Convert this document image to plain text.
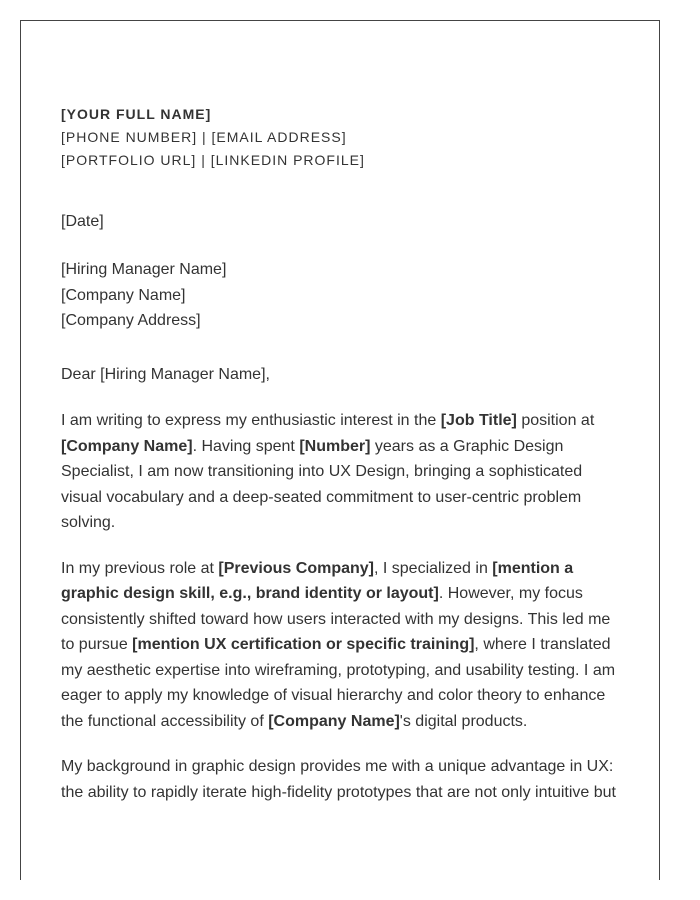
[YOUR FULL NAME]
[PHONE NUMBER] | [EMAIL ADDRESS]
[PORTFOLIO URL] | [LINKEDIN PROFILE]
[Date]
[Hiring Manager Name]
[Company Name]
[Company Address]
Dear [Hiring Manager Name],

I am writing to express my enthusiastic interest in the [Job Title] position at [Company Name]. Having spent [Number] years as a Graphic Design Specialist, I am now transitioning into UX Design, bringing a sophisticated visual vocabulary and a deep-seated commitment to user-centric problem solving.

In my previous role at [Previous Company], I specialized in [mention a graphic design skill, e.g., brand identity or layout]. However, my focus consistently shifted toward how users interacted with my designs. This led me to pursue [mention UX certification or specific training], where I translated my aesthetic expertise into wireframing, prototyping, and usability testing. I am eager to apply my knowledge of visual hierarchy and color theory to enhance the functional accessibility of [Company Name]'s digital products.

My background in graphic design provides me with a unique advantage in UX: the ability to rapidly iterate high-fidelity prototypes that are not only intuitive but
